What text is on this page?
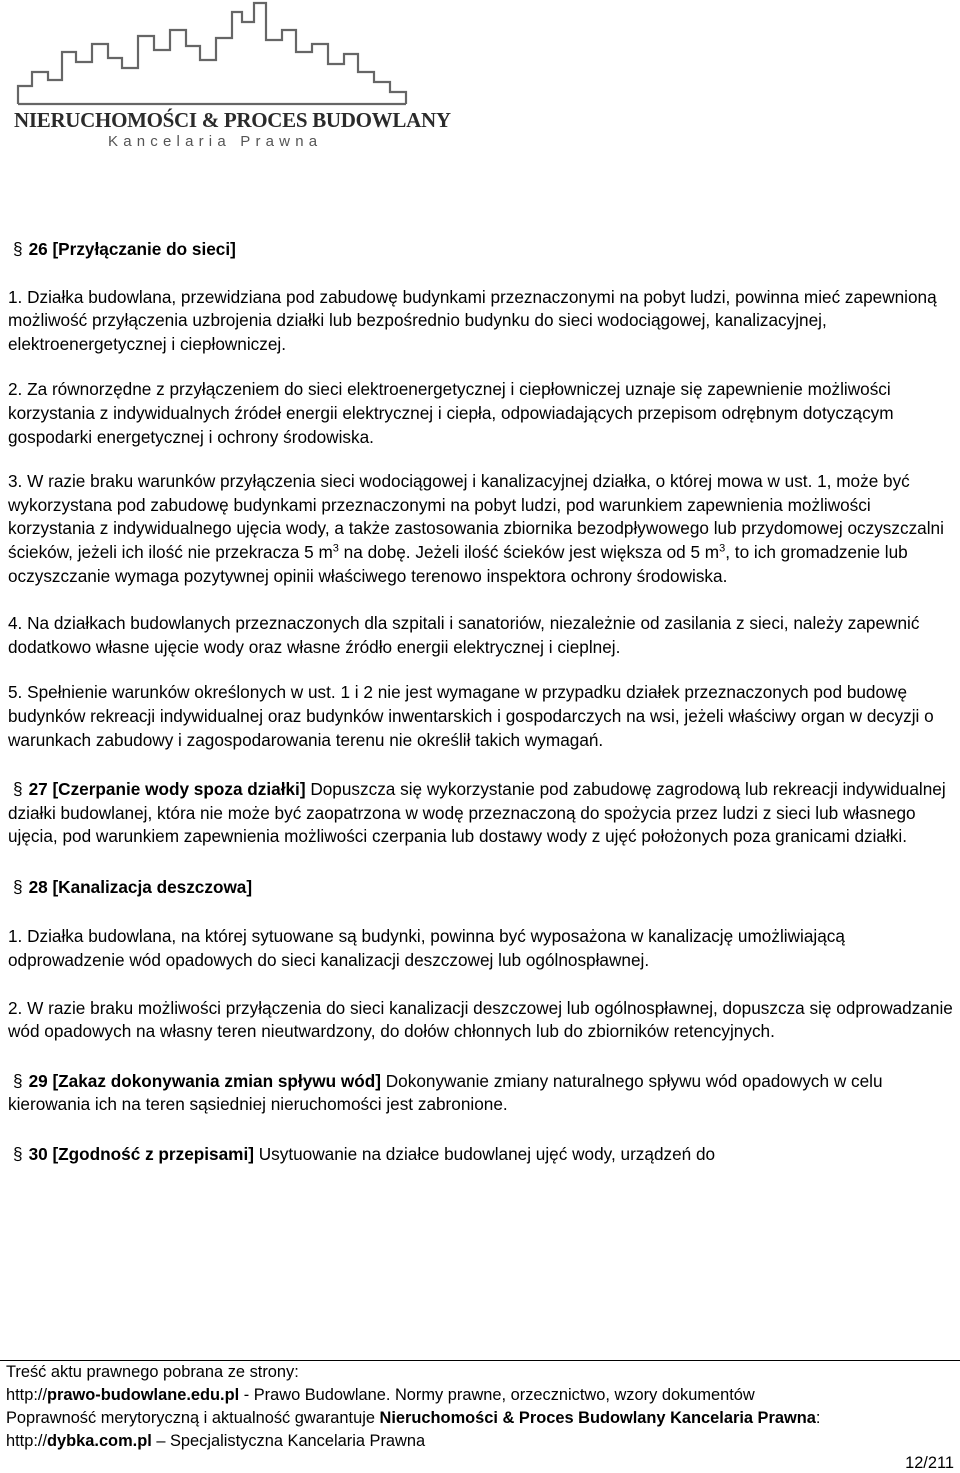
NIERUCHOMOŚCI & PROCES BUDOWLANY
Kancelaria Prawna

§ 26 [Przyłączanie do sieci]

1. Działka budowlana, przewidziana pod zabudowę budynkami przeznaczonymi na pobyt ludzi, powinna mieć zapewnioną możliwość przyłączenia uzbrojenia działki lub bezpośrednio budynku do sieci wodociągowej, kanalizacyjnej, elektroenergetycznej i ciepłowniczej.

2. Za równorzędne z przyłączeniem do sieci elektroenergetycznej i ciepłowniczej uznaje się zapewnienie możliwości korzystania z indywidualnych źródeł energii elektrycznej i ciepła, odpowiadających przepisom odrębnym dotyczącym gospodarki energetycznej i ochrony środowiska.

3. W razie braku warunków przyłączenia sieci wodociągowej i kanalizacyjnej działka, o której mowa w ust. 1, może być wykorzystana pod zabudowę budynkami przeznaczonymi na pobyt ludzi, pod warunkiem zapewnienia możliwości korzystania z indywidualnego ujęcia wody, a także zastosowania zbiornika bezodpływowego lub przydomowej oczyszczalni ścieków, jeżeli ich ilość nie przekracza 5 $m^3$ na dobę. Jeżeli ilość ścieków jest większa od 5 $m^3$, to ich gromadzenie lub oczyszczanie wymaga pozytywnej opinii właściwego terenowo inspektora ochrony środowiska.

4. Na działkach budowlanych przeznaczonych dla szpitali i sanatoriów, niezależnie od zasilania z sieci, należy zapewnić dodatkowo własne ujęcie wody oraz własne źródło energii elektrycznej i cieplnej.

5. Spełnienie warunków określonych w ust. 1 i 2 nie jest wymagane w przypadku działek przeznaczonych pod budowę budynków rekreacji indywidualnej oraz budynków inwentarskich i gospodarczych na wsi, jeżeli właściwy organ w decyzji o warunkach zabudowy i zagospodarowania terenu nie określił takich wymagań.

§ 27 [Czerpanie wody spoza działki] Dopuszcza się wykorzystanie pod zabudowę zagrodową lub rekreacji indywidualnej działki budowlanej, która nie może być zaopatrzona w wodę przeznaczoną do spożycia przez ludzi z sieci lub własnego ujęcia, pod warunkiem zapewnienia możliwości czerpania lub dostawy wody z ujęć położonych poza granicami działki.

§ 28 [Kanalizacja deszczowa]

1. Działka budowlana, na której sytuowane są budynki, powinna być wyposażona w kanalizację umożliwiającą odprowadzenie wód opadowych do sieci kanalizacji deszczowej lub ogólnospławnej.

2. W razie braku możliwości przyłączenia do sieci kanalizacji deszczowej lub ogólnospławnej, dopuszcza się odprowadzanie wód opadowych na własny teren nieutwardzony, do dołów chłonnych lub do zbiorników retencyjnych.

§ 29 [Zakaz dokonywania zmian spływu wód] Dokonywanie zmiany naturalnego spływu wód opadowych w celu kierowania ich na teren sąsiedniej nieruchomości jest zabronione.

§ 30 [Zgodność z przepisami] Usytuowanie na działce budowlanej ujęć wody, urządzeń do

Treść aktu prawnego pobrana ze strony:
http://prawo-budowlane.edu.pl - Prawo Budowlane. Normy prawne, orzecznictwo, wzory dokumentów
Poprawność merytoryczną i aktualność gwarantuje Nieruchomości & Proces Budowlany Kancelaria Prawna:
http://dybka.com.pl – Specjalistyczna Kancelaria Prawna
12/211
